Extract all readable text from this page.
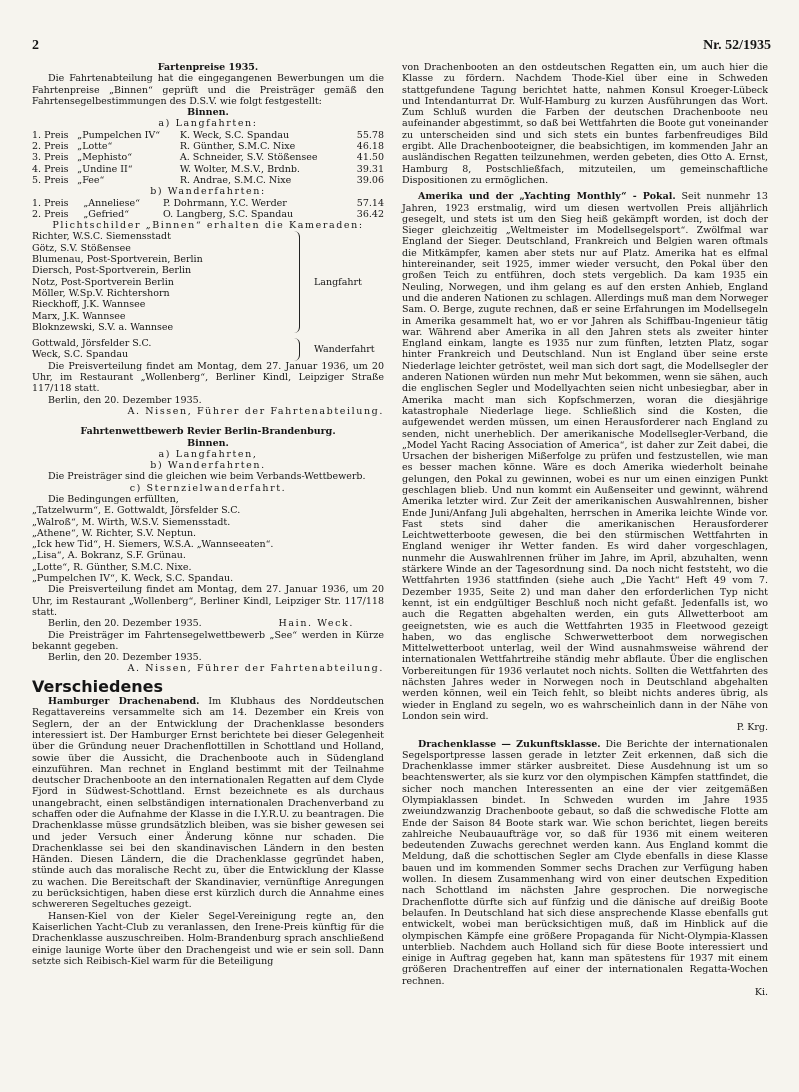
2	Nr. 52/1935

Fartenpreise 1935.

Die Fahrtenabteilung hat die eingegangenen Bewerbungen um die Fahrtenpreise „Binnen“ geprüft und die Preisträger gemäß den Fahrtensegelbestimmungen des D.S.V. wie folgt festgestellt:

Binnen.

a) Langfahrten:

1. Preis	„Pumpelchen IV“	K. Weck, S.C. Spandau	55.78
2. Preis	„Lotte“	R. Günther, S.M.C. Nixe	46.18
3. Preis	„Mephisto“	A. Schneider, S.V. Stößensee	41.50
4. Preis	„Undine II“	W. Wolter, M.S.V., Brdnb.	39.31
5. Preis	„Fee“	R. Andrae, S.M.C. Nixe	39.06

b) Wanderfahrten:

1. Preis	„Anneliese“	P. Dohrmann, Y.C. Werder	57.14
2. Preis	„Gefried“	O. Langberg, S.C. Spandau	36.42

Plichtschilder „Binnen“ erhalten die Kameraden:

Richter, W.S.C. Siemensstadt

Götz, S.V. Stößensee

Blumenau, Post-Sportverein, Berlin

Diersch, Post-Sportverein, Berlin

Notz, Post-Sportverein Berlin

Möller, W.Sp.V. Richtershorn

Rieckhoff, J.K. Wannsee

Marx, J.K. Wannsee

Bloknzewski, S.V. a. Wannsee

Langfahrt

Gottwald, Jörsfelder S.C.

Weck, S.C. Spandau

Wanderfahrt

Die Preisverteilung findet am Montag, dem 27. Januar 1936, um 20 Uhr, im Restaurant „Wollenberg“, Berliner Kindl, Leipziger Straße 117/118 statt.

Berlin, den 20. Dezember 1935.

A. Nissen, Führer der Fahrtenabteilung.

Fahrtenwettbewerb Revier Berlin-Brandenburg.

Binnen.

a) Langfahrten,

b) Wanderfahrten.

Die Preisträger sind die gleichen wie beim Verbands-Wettbewerb.

c) Sternzielwanderfahrt.

Die Bedingungen erfüllten,

„Tatzelwurm“, E. Gottwaldt, Jörsfelder S.C.

„Walroß“, M. Wirth, W.S.V. Siemensstadt.

„Athene“, W. Richter, S.V. Neptun.

„Ick hew Tid“, H. Siemers, W.S.A. „Wannseeaten“.

„Lisa“, A. Bokranz, S.F. Grünau.

„Lotte“, R. Günther, S.M.C. Nixe.

„Pumpelchen IV“, K. Weck, S.C. Spandau.

Die Preisverteilung findet am Montag, dem 27. Januar 1936, um 20 Uhr, im Restaurant „Wollenberg“, Berliner Kindl, Leipziger Str. 117/118 statt.

Berlin, den 20. Dezember 1935.	Hain. Weck.

Die Preisträger im Fahrtensegelwettbewerb „See“ werden in Kürze bekannt gegeben.

Berlin, den 20. Dezember 1935.

A. Nissen, Führer der Fahrtenabteilung.

Verschiedenes

Hamburger Drachenabend. Im Klubhaus des Norddeutschen Regattavereins versammelte sich am 14. Dezember ein Kreis von Seglern, der an der Entwicklung der Drachenklasse besonders interessiert ist. Der Hamburger Ernst berichtete bei dieser Gelegenheit über die Gründung neuer Drachenflottillen in Schottland und Holland, sowie über die Aussicht, die Drachenboote auch in Südengland einzuführen. Man rechnet in England bestimmt mit der Teilnahme deutscher Drachenboote an den internationalen Regatten auf dem Clyde Fjord in Südwest-Schottland. Ernst bezeichnete es als durchaus unangebracht, einen selbständigen internationalen Drachenverband zu schaffen oder die Aufnahme der Klasse in die I.Y.R.U. zu beantragen. Die Drachenklasse müsse grundsätzlich bleiben, was sie bisher gewesen sei und jeder Versuch einer Änderung könne nur schaden. Die Drachenklasse sei bei den skandinavischen Ländern in den besten Händen. Diesen Ländern, die die Drachenklasse gegründet haben, stünde auch das moralische Recht zu, über die Entwicklung der Klasse zu wachen. Die Bereitschaft der Skandinavier, vernünftige Anregungen zu berücksichtigen, haben diese erst kürzlich durch die Annahme eines schwereren Segeltuches gezeigt.

Hansen-Kiel von der Kieler Segel-Vereinigung regte an, den Kaiserlichen Yacht-Club zu veranlassen, den Irene-Preis künftig für die Drachenklasse auszuschreiben. Holm-Brandenburg sprach anschließend einige launige Worte über den Drachengeist und wie er sein soll. Dann setzte sich Reibisch-Kiel warm für die Beteiligung

von Drachenbooten an den ostdeutschen Regatten ein, um auch hier die Klasse zu fördern. Nachdem Thode-Kiel über eine in Schweden stattgefundene Tagung berichtet hatte, nahmen Konsul Kroeger-Lübeck und Intendanturrat Dr. Wulf-Hamburg zu kurzen Ausführungen das Wort. Zum Schluß wurden die Farben der deutschen Drachenboote neu aufeinander abgestimmt, so daß bei Wettfahrten die Boote gut voneinander zu unterscheiden sind und sich stets ein buntes farbenfreudiges Bild ergibt. Alle Drachenbooteigner, die beabsichtigen, im kommenden Jahr an ausländischen Regatten teilzunehmen, werden gebeten, dies Otto A. Ernst, Hamburg 8, Postschließfach, mitzuteilen, um gemeinschaftliche Dispositionen zu ermöglichen.

Amerika und der „Yachting Monthly“ - Pokal. Seit nunmehr 13 Jahren, 1923 erstmalig, wird um diesen wertvollen Preis alljährlich gesegelt, und stets ist um den Sieg heiß gekämpft worden, ist doch der Sieger gleichzeitig „Weltmeister im Modellsegelsport“. Zwölfmal war England der Sieger. Deutschland, Frankreich und Belgien waren oftmals die Mitkämpfer, kamen aber stets nur auf Platz. Amerika hat es elfmal hintereinander, seit 1925, immer wieder versucht, den Pokal über den großen Teich zu entführen, doch stets vergeblich. Da kam 1935 ein Neuling, Norwegen, und ihm gelang es auf den ersten Anhieb, England und die anderen Nationen zu schlagen. Allerdings muß man dem Norweger Sam. O. Berge, zugute rechnen, daß er seine Erfahrungen im Modellsegeln in Amerika gesammelt hat, wo er vor Jahren als Schiffbau-Ingenieur tätig war. Während aber Amerika in all den Jahren stets als zweiter hinter England einkam, langte es 1935 nur zum fünften, letzten Platz, sogar hinter Frankreich und Deutschland. Nun ist England über seine erste Niederlage leichter getröstet, weil man sich dort sagt, die Modellsegler der anderen Nationen würden nun mehr Mut bekommen, wenn sie sähen, auch die englischen Segler und Modellyachten seien nicht unbesiegbar, aber in Amerika macht man sich Kopfschmerzen, woran die diesjährige katastrophale Niederlage liege. Schließlich sind die Kosten, die aufgewendet werden müssen, um einen Herausforderer nach England zu senden, nicht unerheblich. Der amerikanische Modellsegler-Verband, die „Model Yacht Racing Association of America“, ist daher zur Zeit dabei, die Ursachen der bisherigen Mißerfolge zu prüfen und festzustellen, wie man es besser machen könne. Wäre es doch Amerika wiederholt beinahe gelungen, den Pokal zu gewinnen, wobei es nur um einen einzigen Punkt geschlagen blieb. Und nun kommt ein Außenseiter und gewinnt, während Amerika letzter wird. Zur Zeit der amerikanischen Auswahlrennen, bisher Ende Juni/Anfang Juli abgehalten, herrschen in Amerika leichte Winde vor. Fast stets sind daher die amerikanischen Herausforderer Leichtwetterboote gewesen, die bei den stürmischen Wettfahrten in England weniger ihr Wetter fanden. Es wird daher vorgeschlagen, nunmehr die Auswahlrennen früher im Jahre, im April, abzuhalten, wenn stärkere Winde an der Tagesordnung sind. Da noch nicht feststeht, wo die Wettfahrten 1936 stattfinden (siehe auch „Die Yacht“ Heft 49 vom 7. Dezember 1935, Seite 2) und man daher den erforderlichen Typ nicht kennt, ist ein endgültiger Beschluß noch nicht gefaßt. Jedenfalls ist, wo auch die Regatten abgehalten werden, ein guts Allwetterboot am geeignetsten, wie es auch die Wettfahrten 1935 in Fleetwood gezeigt haben, wo das englische Schwerwetterboot dem norwegischen Mittelwetterboot unterlag, weil der Wind ausnahmsweise während der internationalen Wettfahrtreihe ständig mehr abflaute. Über die englischen Vorbereitungen für 1936 verlautet noch nichts. Sollten die Wettfahrten des nächsten Jahres weder in Norwegen noch in Deutschland abgehalten werden können, weil ein Teich fehlt, so bleibt nichts anderes übrig, als wieder in England zu segeln, wo es wahrscheinlich dann in der Nähe von London sein wird.

P. Krg.

Drachenklasse — Zukunftsklasse. Die Berichte der internationalen Segelsportpresse lassen gerade in letzter Zeit erkennen, daß sich die Drachenklasse immer stärker ausbreitet. Diese Ausdehnung ist um so beachtenswerter, als sie kurz vor den olympischen Kämpfen stattfindet, die sicher noch manchen Interessenten an eine der vier zeitgemäßen Olympiaklassen bindet. In Schweden wurden im Jahre 1935 zweiundzwanzig Drachenboote gebaut, so daß die schwedische Flotte am Ende der Saison 84 Boote stark war. Wie schon berichtet, liegen bereits zahlreiche Neubauaufträge vor, so daß für 1936 mit einem weiteren bedeutenden Zuwachs gerechnet werden kann. Aus England kommt die Meldung, daß die schottischen Segler am Clyde ebenfalls in diese Klasse bauen und im kommenden Sommer sechs Drachen zur Verfügung haben wollen. In diesem Zusammenhang wird von einer deutschen Expedition nach Schottland im nächsten Jahre gesprochen. Die norwegische Drachenflotte dürfte sich auf fünfzig und die dänische auf dreißig Boote belaufen. In Deutschland hat sich diese ansprechende Klasse ebenfalls gut entwickelt, wobei man berücksichtigen muß, daß im Hinblick auf die olympischen Kämpfe eine größere Propaganda für Nicht-Olympia-Klassen unterblieb. Nachdem auch Holland sich für diese Boote interessiert und einige in Auftrag gegeben hat, kann man spätestens für 1937 mit einem größeren Drachentreffen auf einer der internationalen Regatta-Wochen rechnen.

Ki.
